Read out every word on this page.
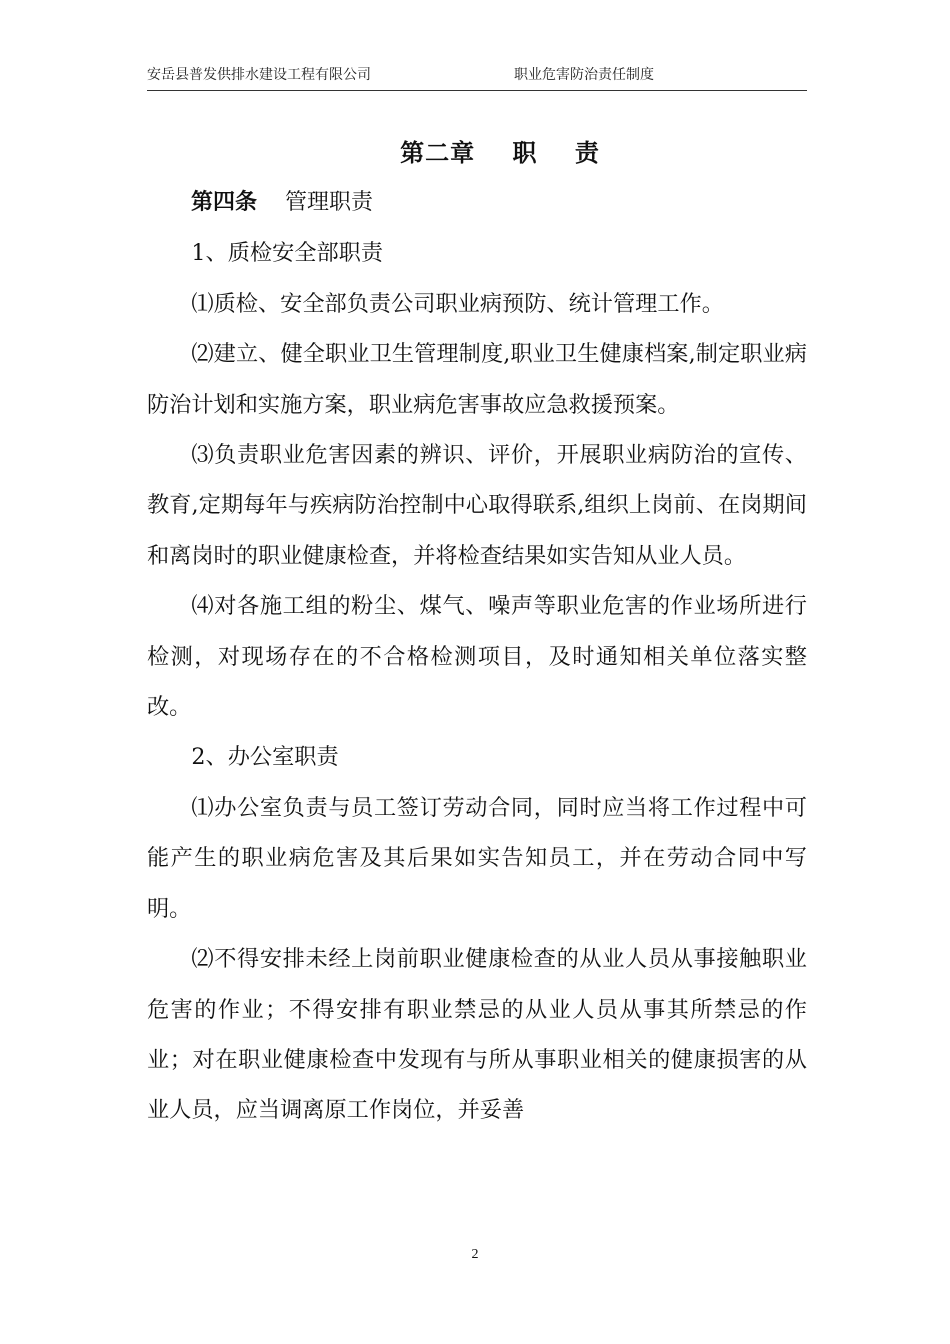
安岳县普发供排水建设工程有限公司	职业危害防治责任制度
第二章    职    责

第四条 管理职责

1、质检安全部职责

⑴质检、安全部负责公司职业病预防、统计管理工作。

⑵建立、健全职业卫生管理制度,职业卫生健康档案,制定职业病防治计划和实施方案，职业病危害事故应急救援预案。

⑶负责职业危害因素的辨识、评价，开展职业病防治的宣传、教育,定期每年与疾病防治控制中心取得联系,组织上岗前、在岗期间和离岗时的职业健康检查，并将检查结果如实告知从业人员。

⑷对各施工组的粉尘、煤气、噪声等职业危害的作业场所进行检测，对现场存在的不合格检测项目，及时通知相关单位落实整改。

2、办公室职责

⑴办公室负责与员工签订劳动合同，同时应当将工作过程中可能产生的职业病危害及其后果如实告知员工，并在劳动合同中写明。

⑵不得安排未经上岗前职业健康检查的从业人员从事接触职业危害的作业；不得安排有职业禁忌的从业人员从事其所禁忌的作业；对在职业健康检查中发现有与所从事职业相关的健康损害的从业人员，应当调离原工作岗位，并妥善

2
